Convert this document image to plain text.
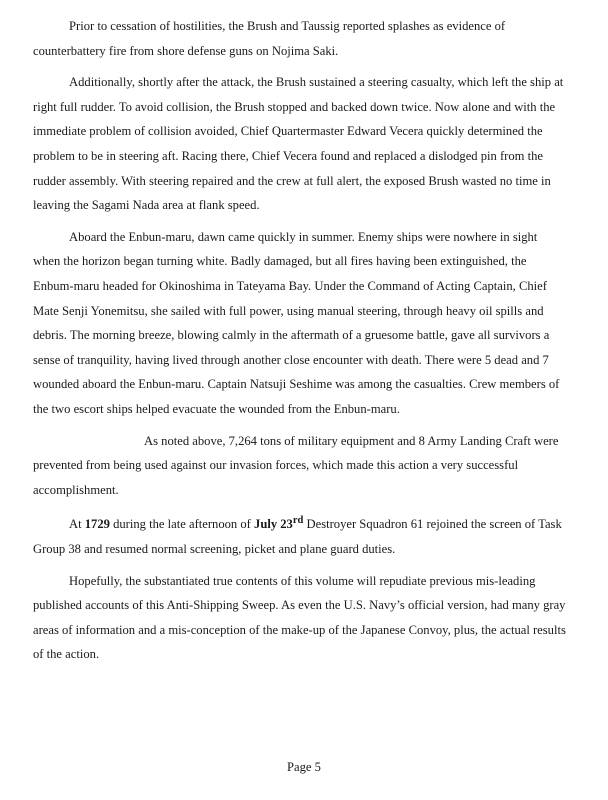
Prior to cessation of hostilities, the Brush and Taussig reported splashes as evidence of counterbattery fire from shore defense guns on Nojima Saki.

Additionally, shortly after the attack, the Brush sustained a steering casualty, which left the ship at right full rudder. To avoid collision, the Brush stopped and backed down twice. Now alone and with the immediate problem of collision avoided, Chief Quartermaster Edward Vecera quickly determined the problem to be in steering aft. Racing there, Chief Vecera found and replaced a dislodged pin from the rudder assembly. With steering repaired and the crew at full alert, the exposed Brush wasted no time in leaving the Sagami Nada area at flank speed.

Aboard the Enbun-maru, dawn came quickly in summer. Enemy ships were nowhere in sight when the horizon began turning white. Badly damaged, but all fires having been extinguished, the Enbum-maru headed for Okinoshima in Tateyama Bay. Under the Command of Acting Captain, Chief Mate Senji Yonemitsu, she sailed with full power, using manual steering, through heavy oil spills and debris. The morning breeze, blowing calmly in the aftermath of a gruesome battle, gave all survivors a sense of tranquility, having lived through another close encounter with death. There were 5 dead and 7 wounded aboard the Enbun-maru. Captain Natsuji Seshime was among the casualties. Crew members of the two escort ships helped evacuate the wounded from the Enbun-maru.

As noted above, 7,264 tons of military equipment and 8 Army Landing Craft were prevented from being used against our invasion forces, which made this action a very successful accomplishment.

At 1729 during the late afternoon of July 23rd Destroyer Squadron 61 rejoined the screen of Task Group 38 and resumed normal screening, picket and plane guard duties.

Hopefully, the substantiated true contents of this volume will repudiate previous mis-leading published accounts of this Anti-Shipping Sweep. As even the U.S. Navy’s official version, had many gray areas of information and a mis-conception of the make-up of the Japanese Convoy, plus, the actual results of the action.

Page 5
